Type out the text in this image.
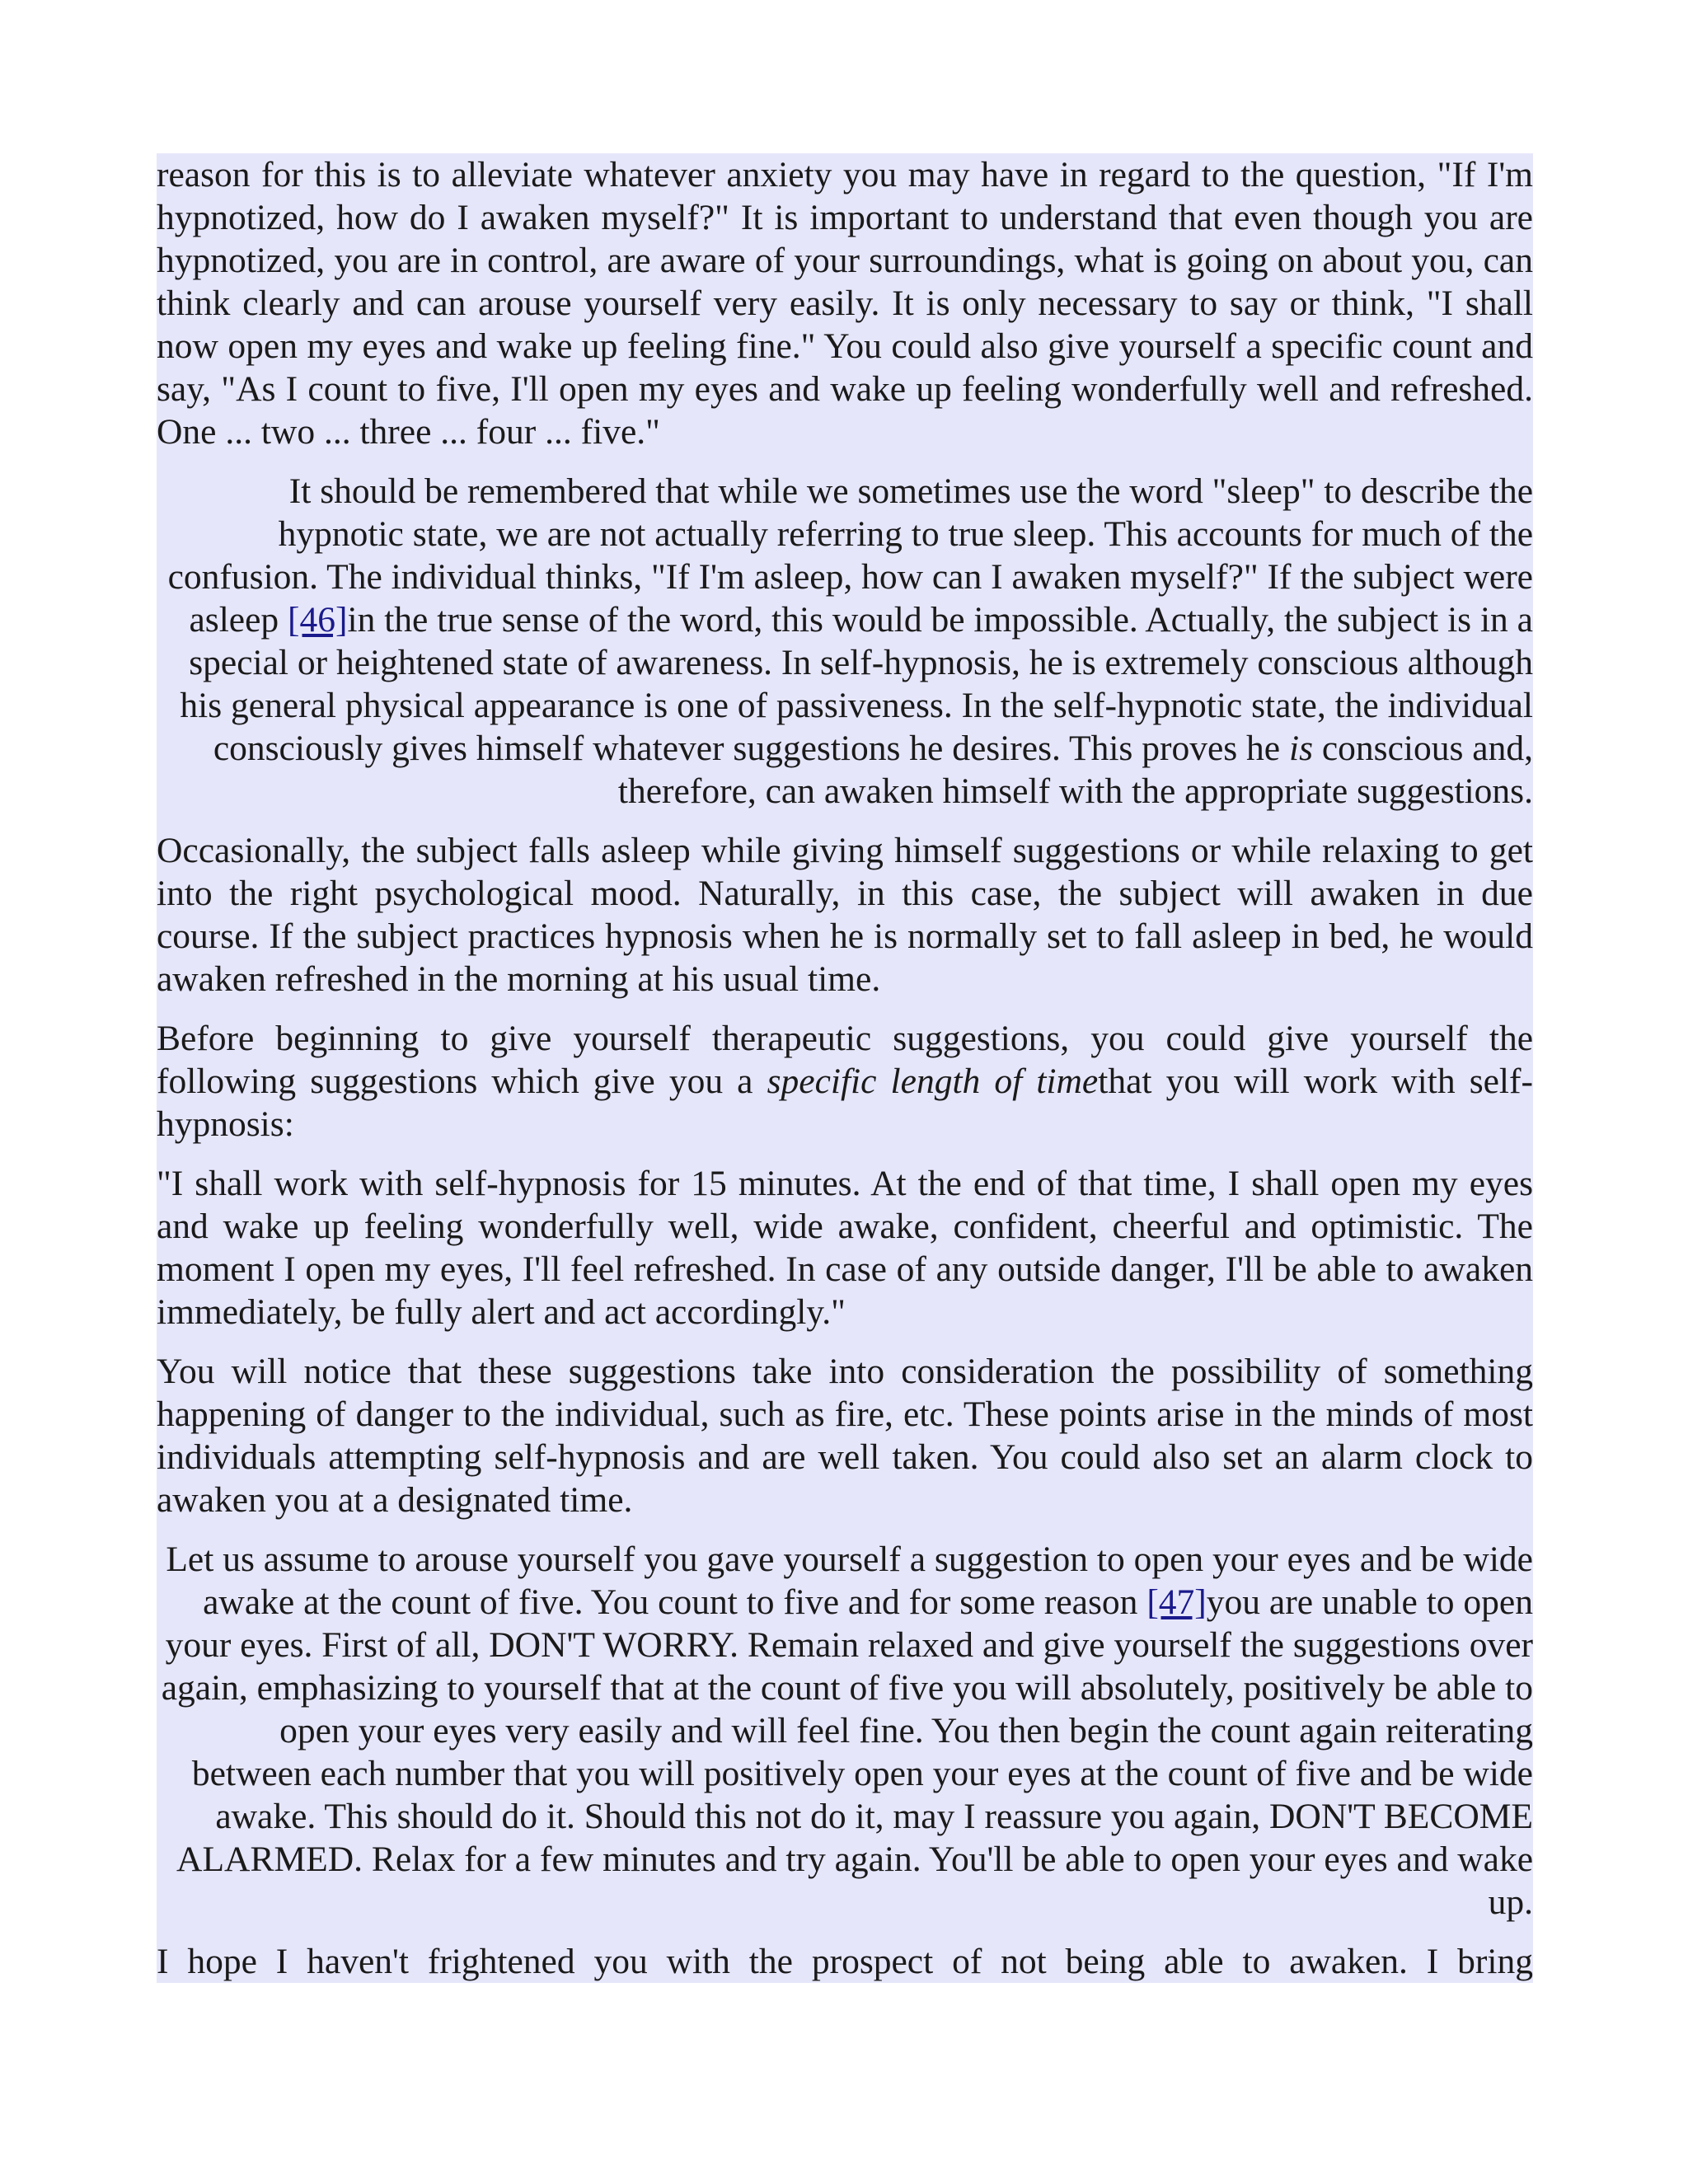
reason for this is to alleviate whatever anxiety you may have in regard to the question, "If I'm hypnotized, how do I awaken myself?" It is important to understand that even though you are hypnotized, you are in control, are aware of your surroundings, what is going on about you, can think clearly and can arouse yourself very easily. It is only necessary to say or think, "I shall now open my eyes and wake up feeling fine." You could also give yourself a specific count and say, "As I count to five, I'll open my eyes and wake up feeling wonderfully well and refreshed. One ... two ... three ... four ... five."

It should be remembered that while we sometimes use the word "sleep" to describe the hypnotic state, we are not actually referring to true sleep. This accounts for much of the confusion. The individual thinks, "If I'm asleep, how can I awaken myself?" If the subject were asleep [46]in the true sense of the word, this would be impossible. Actually, the subject is in a special or heightened state of awareness. In self-hypnosis, he is extremely conscious although his general physical appearance is one of passiveness. In the self-hypnotic state, the individual consciously gives himself whatever suggestions he desires. This proves he is conscious and, therefore, can awaken himself with the appropriate suggestions.

Occasionally, the subject falls asleep while giving himself suggestions or while relaxing to get into the right psychological mood. Naturally, in this case, the subject will awaken in due course. If the subject practices hypnosis when he is normally set to fall asleep in bed, he would awaken refreshed in the morning at his usual time.

Before beginning to give yourself therapeutic suggestions, you could give yourself the following suggestions which give you a specific length of timethat you will work with self-hypnosis:

"I shall work with self-hypnosis for 15 minutes. At the end of that time, I shall open my eyes and wake up feeling wonderfully well, wide awake, confident, cheerful and optimistic. The moment I open my eyes, I'll feel refreshed. In case of any outside danger, I'll be able to awaken immediately, be fully alert and act accordingly."

You will notice that these suggestions take into consideration the possibility of something happening of danger to the individual, such as fire, etc. These points arise in the minds of most individuals attempting self-hypnosis and are well taken. You could also set an alarm clock to awaken you at a designated time.

Let us assume to arouse yourself you gave yourself a suggestion to open your eyes and be wide awake at the count of five. You count to five and for some reason [47]you are unable to open your eyes. First of all, DON'T WORRY. Remain relaxed and give yourself the suggestions over again, emphasizing to yourself that at the count of five you will absolutely, positively be able to open your eyes very easily and will feel fine. You then begin the count again reiterating between each number that you will positively open your eyes at the count of five and be wide awake. This should do it. Should this not do it, may I reassure you again, DON'T BECOME ALARMED. Relax for a few minutes and try again. You'll be able to open your eyes and wake up.

I hope I haven't frightened you with the prospect of not being able to awaken. I bring
